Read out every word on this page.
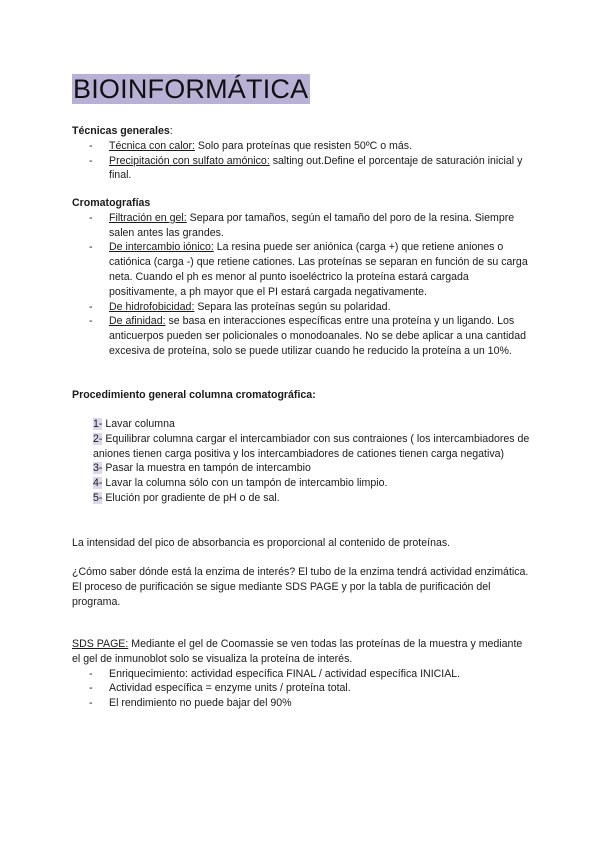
BIOINFORMÁTICA

Técnicas generales:

- Técnica con calor: Solo para proteínas que resisten 50ºC o más.
- Precipitación con sulfato amónico: salting out.Define el porcentaje de saturación inicial y final.

Cromatografías

- Filtración en gel: Separa por tamaños, según el tamaño del poro de la resina. Siempre salen antes las grandes.
- De intercambio iónico: La resina puede ser aniónica (carga +) que retiene aniones o catiónica (carga -) que retiene cationes. Las proteínas se separan en función de su carga neta. Cuando el ph es menor al punto isoeléctrico la proteína estará cargada positivamente, a ph mayor que el PI estará cargada negativamente.
- De hidrofobicidad: Separa las proteínas según su polaridad.
- De afinidad: se basa en interacciones específicas entre una proteína y un ligando. Los anticuerpos pueden ser policionales o monodoanales. No se debe aplicar a una cantidad excesiva de proteína, solo se puede utilizar cuando he reducido la proteína a un 10%.

Procedimiento general columna cromatográfica:

1- Lavar columna

2- Equilibrar columna cargar el intercambiador con sus contraiones ( los intercambiadores de aniones tienen carga positiva y los intercambiadores de cationes tienen carga negativa)

3- Pasar la muestra en tampón de intercambio

4- Lavar la columna sólo con un tampón de intercambio limpio.

5- Elución por gradiente de pH o de sal.

La intensidad del pico de absorbancia es proporcional al contenido de proteínas.

¿Cómo saber dónde está la enzima de interés? El tubo de la enzima tendrá actividad enzimática.

El proceso de purificación se sigue mediante SDS PAGE y por la tabla de purificación del programa.

SDS PAGE: Mediante el gel de Coomassie se ven todas las proteínas de la muestra y mediante el gel de inmunoblot solo se visualiza la proteína de interés.

- Enriquecimiento: actividad específica FINAL / actividad específica INICIAL.
- Actividad específica = enzyme units / proteína total.
- El rendimiento no puede bajar del 90%
